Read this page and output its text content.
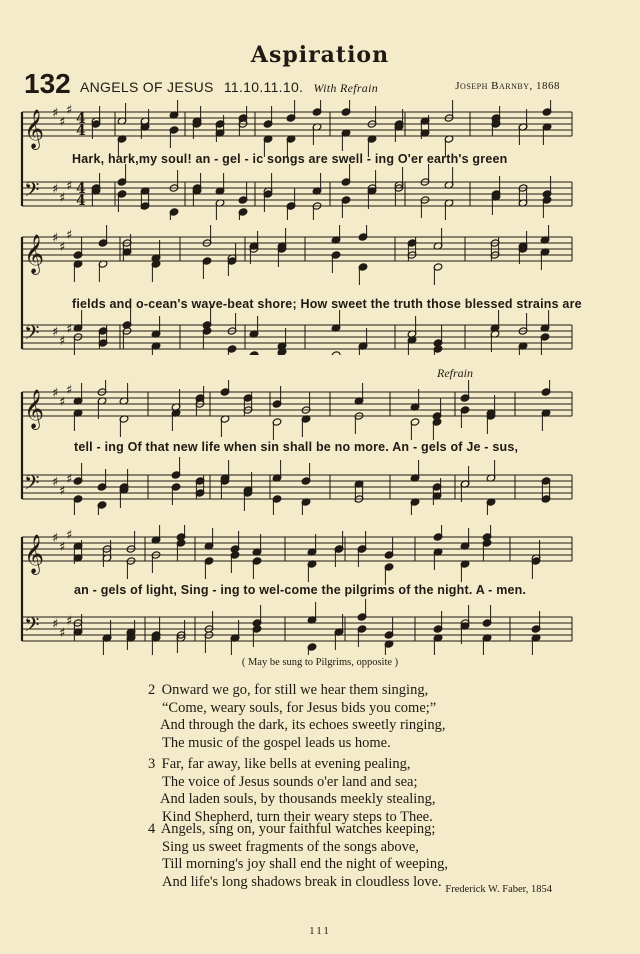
Aspiration
132 ANGELS OF JESUS 11.10.11.10. With Refrain	Joseph Barnby, 1868
𝄞 ♯
♯
♯
4
4
𝄢 ♯
♯
♯ 4
4
Hark, hark,my soul! an - gel - ic songs are swell - ing O'er earth's green
𝄞 ♯
♯
♯
𝄢 ♯
♯
♯
fields and o-cean's wave-beat shore; How sweet the truth those blessed strains are
Refrain
𝄞 ♯
♯
♯
𝄢 ♯
♯
♯
tell - ing Of that new life when sin shall be no more. An - gels of Je - sus,
𝄞 ♯
♯
♯
𝄢 ♯
♯
♯
an - gels of light, Sing - ing to wel-come the pilgrims of the night. A - men.
( May be sung to Pilgrims, opposite )
2 Onward we go, for still we hear them singing,
“Come, weary souls, for Jesus bids you come;”
And through the dark, its echoes sweetly ringing,
The music of the gospel leads us home.
3 Far, far away, like bells at evening pealing,
The voice of Jesus sounds o'er land and sea;
And laden souls, by thousands meekly stealing,
Kind Shepherd, turn their weary steps to Thee.
4 Angels, sing on, your faithful watches keeping;
Sing us sweet fragments of the songs above,
Till morning's joy shall end the night of weeping,
And life's long shadows break in cloudless love. Frederick W. Faber, 1854
111
